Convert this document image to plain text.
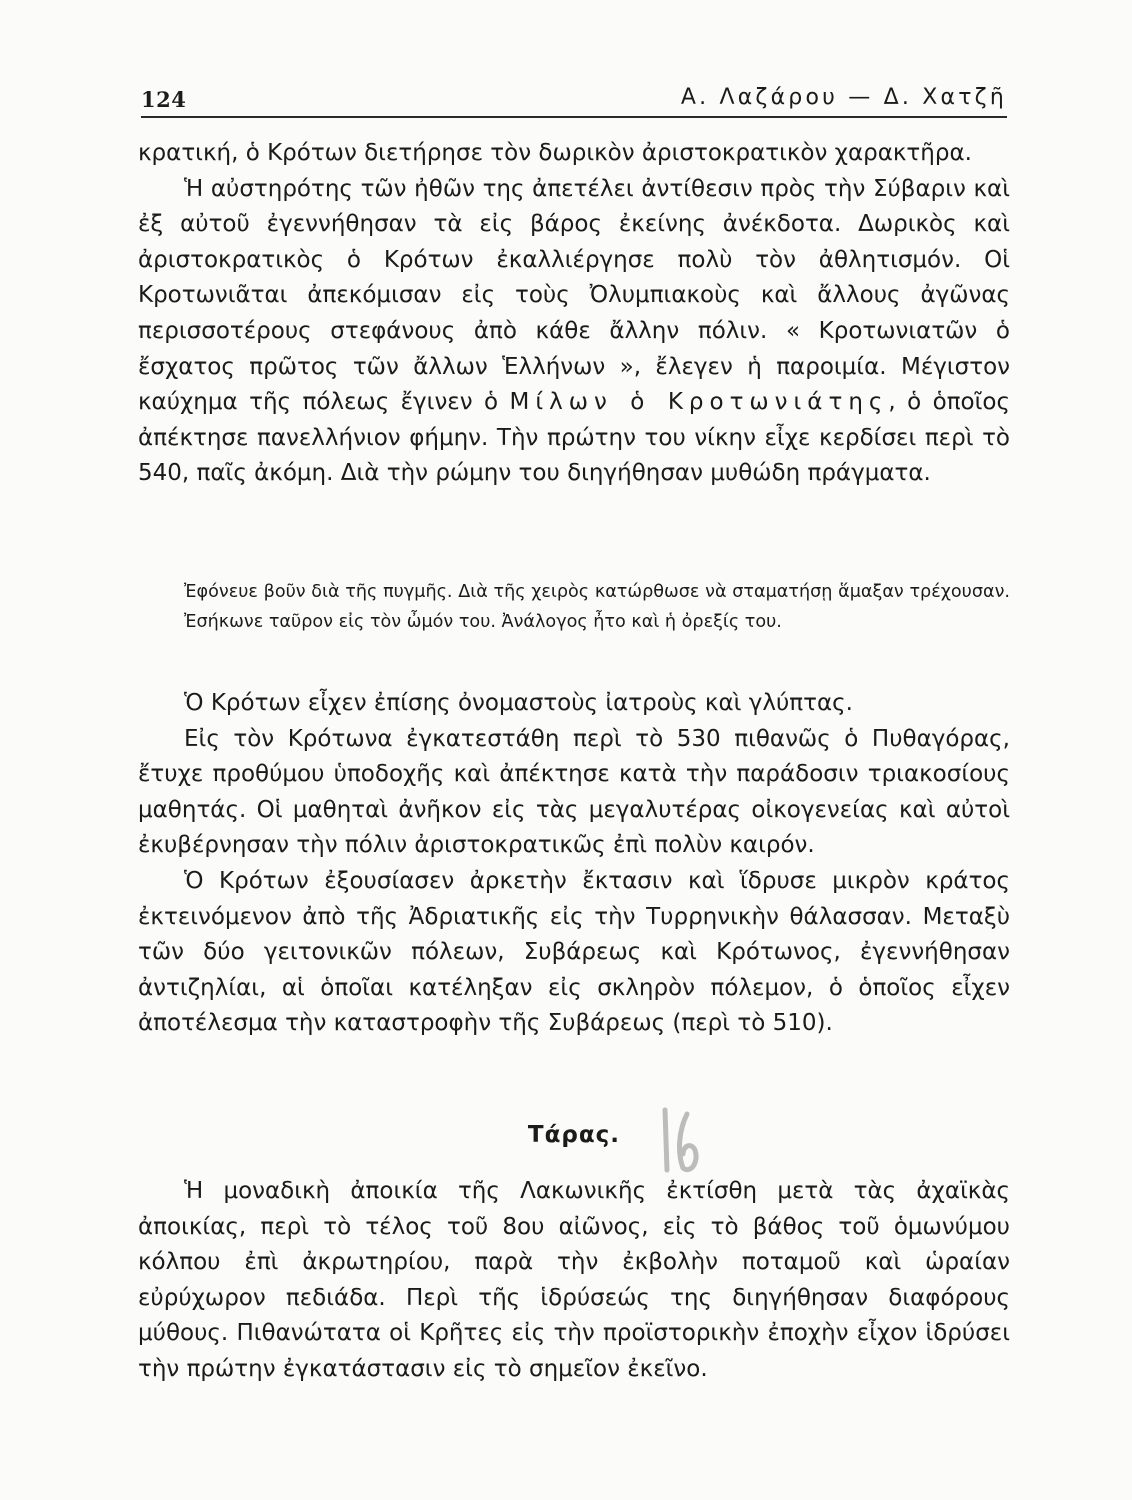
124	Α. Λαζάρου — Δ. Χατζῆ

κρατική, ὁ Κρότων διετήρησε τὸν δωρικὸν ἀριστοκρατικὸν χαρακτῆρα.

Ἡ αὐστηρότης τῶν ἠθῶν της ἀπετέλει ἀντίθεσιν πρὸς τὴν Σύβαριν καὶ ἐξ αὐτοῦ ἐγεννήθησαν τὰ εἰς βάρος ἐκείνης ἀνέκδοτα. Δωρικὸς καὶ ἀριστοκρατικὸς ὁ Κρότων ἐκαλλιέργησε πολὺ τὸν ἀθλητισμόν. Οἱ Κροτωνιᾶται ἀπεκόμισαν εἰς τοὺς Ὀλυμπιακοὺς καὶ ἄλλους ἀγῶνας περισσοτέρους στεφάνους ἀπὸ κάθε ἄλλην πόλιν. « Κροτωνιατῶν ὁ ἔσχατος πρῶτος τῶν ἄλλων Ἑλλήνων », ἔλεγεν ἡ παροιμία. Μέγιστον καύχημα τῆς πόλεως ἔγινεν ὁ Μίλων ὁ Κροτωνιάτης, ὁ ὁποῖος ἀπέκτησε πανελλήνιον φήμην. Τὴν πρώτην του νίκην εἶχε κερδίσει περὶ τὸ 540, παῖς ἀκόμη. Διὰ τὴν ρώμην του διηγήθησαν μυθώδη πράγματα.

Ἐφόνευε βοῦν διὰ τῆς πυγμῆς. Διὰ τῆς χειρὸς κατώρθωσε νὰ σταματήσῃ ἅμαξαν τρέχουσαν. Ἐσήκωνε ταῦρον εἰς τὸν ὦμόν του. Ἀνάλογος ἦτο καὶ ἡ ὀρεξίς του.

Ὁ Κρότων εἶχεν ἐπίσης ὀνομαστοὺς ἰατροὺς καὶ γλύπτας.

Εἰς τὸν Κρότωνα ἐγκατεστάθη περὶ τὸ 530 πιθανῶς ὁ Πυθαγόρας, ἔτυχε προθύμου ὑποδοχῆς καὶ ἀπέκτησε κατὰ τὴν παράδοσιν τριακοσίους μαθητάς. Οἱ μαθηταὶ ἀνῆκον εἰς τὰς μεγαλυτέρας οἰκογενείας καὶ αὐτοὶ ἐκυβέρνησαν τὴν πόλιν ἀριστοκρατικῶς ἐπὶ πολὺν καιρόν.

Ὁ Κρότων ἐξουσίασεν ἀρκετὴν ἔκτασιν καὶ ἵδρυσε μικρὸν κράτος ἐκτεινόμενον ἀπὸ τῆς Ἀδριατικῆς εἰς τὴν Τυρρηνικὴν θάλασσαν. Μεταξὺ τῶν δύο γειτονικῶν πόλεων, Συβάρεως καὶ Κρότωνος, ἐγεννήθησαν ἀντιζηλίαι, αἱ ὁποῖαι κατέληξαν εἰς σκληρὸν πόλεμον, ὁ ὁποῖος εἶχεν ἀποτέλεσμα τὴν καταστροφὴν τῆς Συβάρεως (περὶ τὸ 510).

Τάρας.

Ἡ μοναδικὴ ἀποικία τῆς Λακωνικῆς ἐκτίσθη μετὰ τὰς ἀχαϊκὰς ἀποικίας, περὶ τὸ τέλος τοῦ 8ου αἰῶνος, εἰς τὸ βάθος τοῦ ὁμωνύμου κόλπου ἐπὶ ἀκρωτηρίου, παρὰ τὴν ἐκβολὴν ποταμοῦ καὶ ὡραίαν εὐρύχωρον πεδιάδα. Περὶ τῆς ἱδρύσεώς της διηγήθησαν διαφόρους μύθους. Πιθανώτατα οἱ Κρῆτες εἰς τὴν προϊστορικὴν ἐποχὴν εἶχον ἱδρύσει τὴν πρώτην ἐγκατάστασιν εἰς τὸ σημεῖον ἐκεῖνο.
